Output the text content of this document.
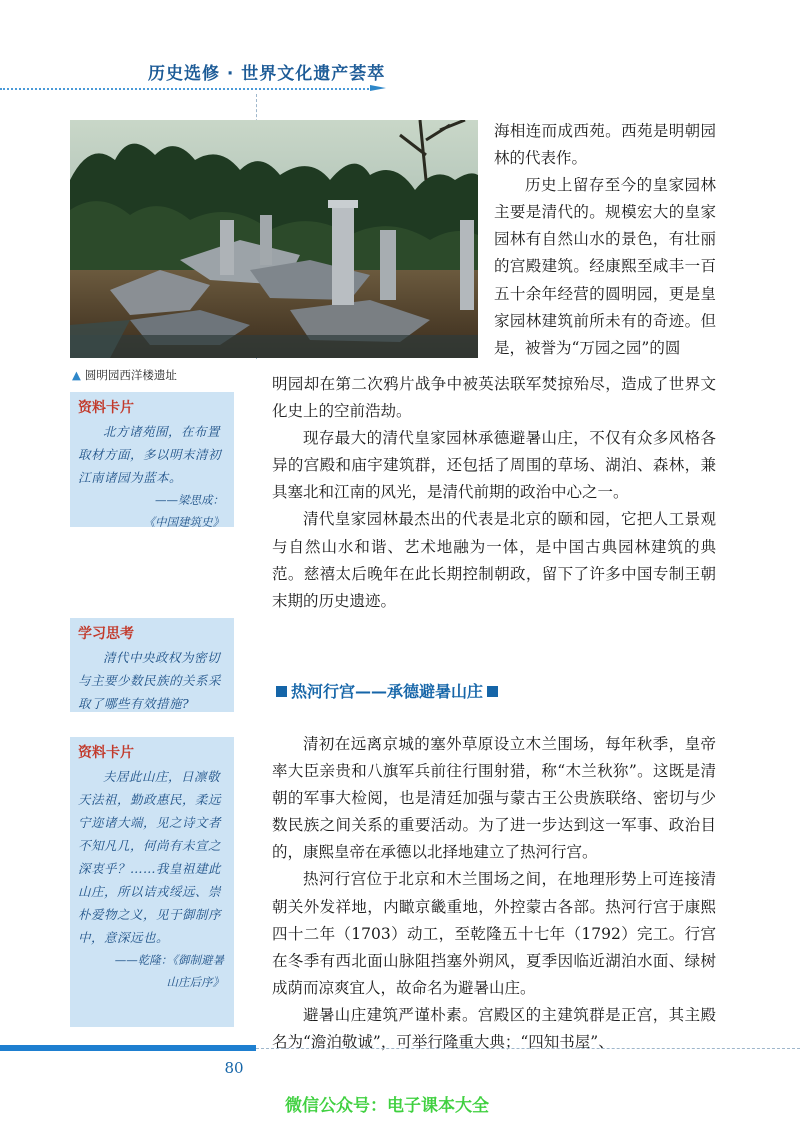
历史选修 · 世界文化遗产荟萃
▲ 圆明园西洋楼遗址

海相连而成西苑。西苑是明朝园林的代表作。

历史上留存至今的皇家园林主要是清代的。规模宏大的皇家园林有自然山水的景色，有壮丽的宫殿建筑。经康熙至咸丰一百五十余年经营的圆明园，更是皇家园林建筑前所未有的奇迹。但是，被誉为“万园之园”的圆

明园却在第二次鸦片战争中被英法联军焚掠殆尽，造成了世界文化史上的空前浩劫。

现存最大的清代皇家园林承德避暑山庄，不仅有众多风格各异的宫殿和庙宇建筑群，还包括了周围的草场、湖泊、森林，兼具塞北和江南的风光，是清代前期的政治中心之一。

清代皇家园林最杰出的代表是北京的颐和园，它把人工景观与自然山水和谐、艺术地融为一体，是中国古典园林建筑的典范。慈禧太后晚年在此长期控制朝政，留下了许多中国专制王朝末期的历史遗迹。

热河行宫——承德避暑山庄

清初在远离京城的塞外草原设立木兰围场，每年秋季，皇帝率大臣亲贵和八旗军兵前往行围射猎，称“木兰秋狝”。这既是清朝的军事大检阅，也是清廷加强与蒙古王公贵族联络、密切与少数民族之间关系的重要活动。为了进一步达到这一军事、政治目的，康熙皇帝在承德以北择地建立了热河行宫。

热河行宫位于北京和木兰围场之间，在地理形势上可连接清朝关外发祥地，内瞰京畿重地，外控蒙古各部。热河行宫于康熙四十二年（1703）动工，至乾隆五十七年（1792）完工。行宫在冬季有西北面山脉阻挡塞外朔风，夏季因临近湖泊水面、绿树成荫而凉爽宜人，故命名为避暑山庄。

避暑山庄建筑严谨朴素。宫殿区的主建筑群是正宫，其主殿名为“澹泊敬诚”，可举行隆重大典；“四知书屋”、

资料卡片
北方诸苑囿，在布置取材方面，多以明末清初江南诸园为蓝本。
——梁思成：
《中国建筑史》
学习思考
清代中央政权为密切与主要少数民族的关系采取了哪些有效措施?
资料卡片
夫居此山庄，日凛敬天法祖，勤政惠民，柔远宁迩诸大端，见之诗文者不知凡几，何尚有未宣之深衷乎？……我皇祖建此山庄，所以诘戎绥远、崇朴爱物之义，见于御制序中，意深远也。
——乾隆：《御制避暑
山庄后序》
80
微信公众号：电子课本大全
